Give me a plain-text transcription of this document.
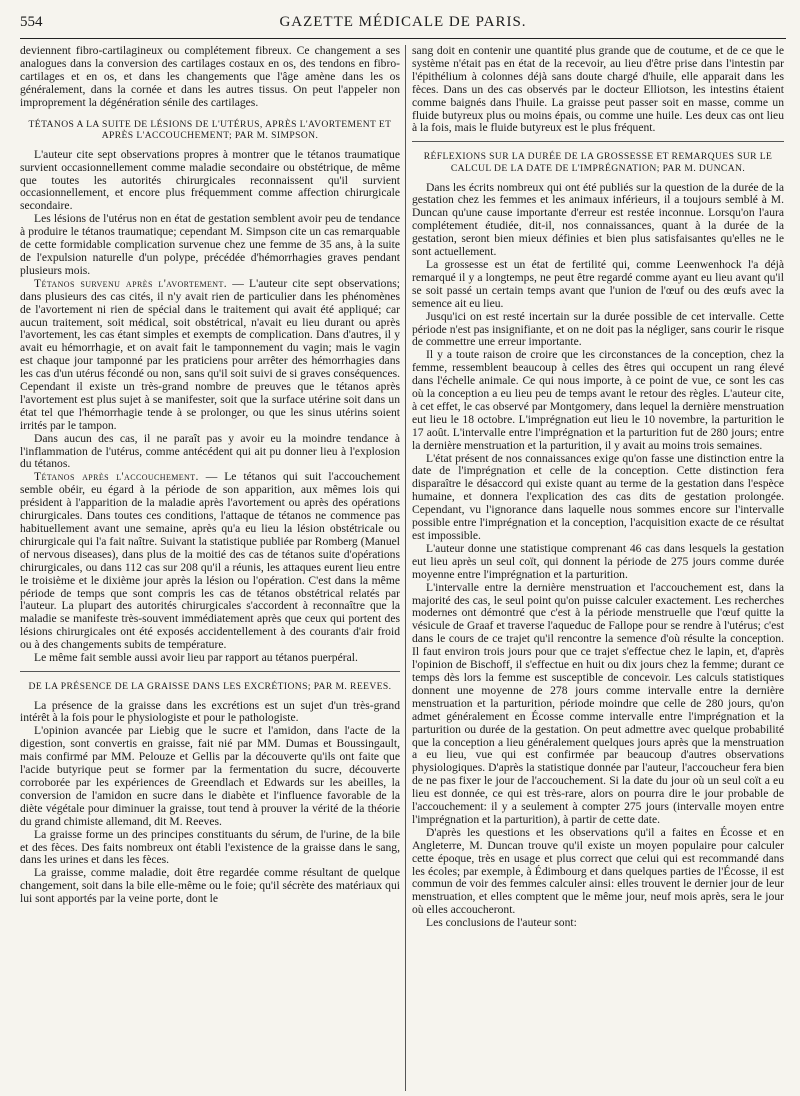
554	GAZETTE MÉDICALE DE PARIS.

deviennent fibro-cartilagineux ou complétement fibreux. Ce changement a ses analogues dans la conversion des cartilages costaux en os, des tendons en fibro-cartilages et en os, et dans les changements que l'âge amène dans les os généralement, dans la cornée et dans les autres tissus. On peut l'appeler non improprement la dégénération sénile des cartilages.

TÉTANOS A LA SUITE DE LÉSIONS DE L'UTÉRUS, APRÈS L'AVORTEMENT ET APRÈS L'ACCOUCHEMENT; PAR M. SIMPSON.

L'auteur cite sept observations propres à montrer que le tétanos traumatique survient occasionnellement comme maladie secondaire ou obstétrique, de même que toutes les autorités chirurgicales reconnaissent qu'il survient occasionnellement, et encore plus fréquemment comme affection chirurgicale secondaire.

Les lésions de l'utérus non en état de gestation semblent avoir peu de tendance à produire le tétanos traumatique; cependant M. Simpson cite un cas remarquable de cette formidable complication survenue chez une femme de 35 ans, à la suite de l'expulsion naturelle d'un polype, précédée d'hémorrhagies graves pendant plusieurs mois.

Tétanos survenu après l'avortement. — L'auteur cite sept observations; dans plusieurs des cas cités, il n'y avait rien de particulier dans les phénomènes de l'avortement ni rien de spécial dans le traitement qui avait été appliqué; car aucun traitement, soit médical, soit obstétrical, n'avait eu lieu durant ou après l'avortement, les cas étant simples et exempts de complication. Dans d'autres, il y avait eu hémorrhagie, et on avait fait le tamponnement du vagin; mais le vagin est chaque jour tamponné par les praticiens pour arrêter des hémorrhagies dans les cas d'un utérus fécondé ou non, sans qu'il soit suivi de si graves conséquences. Cependant il existe un très-grand nombre de preuves que le tétanos après l'avortement est plus sujet à se manifester, soit que la surface utérine soit dans un état tel que l'hémorrhagie tende à se prolonger, ou que les sinus utérins soient irrités par le tampon.

Dans aucun des cas, il ne paraît pas y avoir eu la moindre tendance à l'inflammation de l'utérus, comme antécédent qui ait pu donner lieu à l'explosion du tétanos.

Tétanos après l'accouchement. — Le tétanos qui suit l'accouchement semble obéir, eu égard à la période de son apparition, aux mêmes lois qui président à l'apparition de la maladie après l'avortement ou après des opérations chirurgicales. Dans toutes ces conditions, l'attaque de tétanos ne commence pas habituellement avant une semaine, après qu'a eu lieu la lésion obstétricale ou chirurgicale qui l'a fait naître. Suivant la statistique publiée par Romberg (Manuel of nervous diseases), dans plus de la moitié des cas de tétanos suite d'opérations chirurgicales, ou dans 112 cas sur 208 qu'il a réunis, les attaques eurent lieu entre le troisième et le dixième jour après la lésion ou l'opération. C'est dans la même période de temps que sont compris les cas de tétanos obstétrical relatés par l'auteur. La plupart des autorités chirurgicales s'accordent à reconnaître que la maladie se manifeste très-souvent immédiatement après que ceux qui portent des lésions chirurgicales ont été exposés accidentellement à des courants d'air froid ou à des changements subits de température.

Le même fait semble aussi avoir lieu par rapport au tétanos puerpéral.

DE LA PRÉSENCE DE LA GRAISSE DANS LES EXCRÉTIONS; PAR M. REEVES.

La présence de la graisse dans les excrétions est un sujet d'un très-grand intérêt à la fois pour le physiologiste et pour le pathologiste.

L'opinion avancée par Liebig que le sucre et l'amidon, dans l'acte de la digestion, sont convertis en graisse, fait nié par MM. Dumas et Boussingault, mais confirmé par MM. Pelouze et Gellis par la découverte qu'ils ont faite que l'acide butyrique peut se former par la fermentation du sucre, découverte corroborée par les expériences de Greendlach et Edwards sur les abeilles, la conversion de l'amidon en sucre dans le diabète et l'influence favorable de la diète végétale pour diminuer la graisse, tout tend à prouver la vérité de la théorie du grand chimiste allemand, dit M. Reeves.

La graisse forme un des principes constituants du sérum, de l'urine, de la bile et des fèces. Des faits nombreux ont établi l'existence de la graisse dans le sang, dans les urines et dans les fèces.

La graisse, comme maladie, doit être regardée comme résultant de quelque changement, soit dans la bile elle-même ou le foie; qu'il sécrète des matériaux qui lui sont apportés par la veine porte, dont le

sang doit en contenir une quantité plus grande que de coutume, et de ce que le système n'était pas en état de la recevoir, au lieu d'être prise dans l'intestin par l'épithélium à colonnes déjà sans doute chargé d'huile, elle apparait dans les fèces. Dans un des cas observés par le docteur Elliotson, les intestins étaient comme baignés dans l'huile. La graisse peut passer soit en masse, comme un fluide butyreux plus ou moins épais, ou comme une huile. Les deux cas ont lieu à la fois, mais le fluide butyreux est le plus fréquent.

RÉFLEXIONS SUR LA DURÉE DE LA GROSSESSE ET REMARQUES SUR LE CALCUL DE LA DATE DE L'IMPRÉGNATION; PAR M. DUNCAN.

Dans les écrits nombreux qui ont été publiés sur la question de la durée de la gestation chez les femmes et les animaux inférieurs, il a toujours semblé à M. Duncan qu'une cause importante d'erreur est restée inconnue. Lorsqu'on l'aura complétement étudiée, dit-il, nos connaissances, quant à la durée de la gestation, seront bien mieux définies et bien plus satisfaisantes qu'elles ne le sont actuellement.

La grossesse est un état de fertilité qui, comme Leenwenhock l'a déjà remarqué il y a longtemps, ne peut être regardé comme ayant eu lieu avant qu'il se soit passé un certain temps avant que l'union de l'œuf ou des œufs avec la semence ait eu lieu.

Jusqu'ici on est resté incertain sur la durée possible de cet intervalle. Cette période n'est pas insignifiante, et on ne doit pas la négliger, sans courir le risque de commettre une erreur importante.

Il y a toute raison de croire que les circonstances de la conception, chez la femme, ressemblent beaucoup à celles des êtres qui occupent un rang élevé dans l'échelle animale. Ce qui nous importe, à ce point de vue, ce sont les cas où la conception a eu lieu peu de temps avant le retour des règles. L'auteur cite, à cet effet, le cas observé par Montgomery, dans lequel la dernière menstruation eut lieu le 18 octobre. L'imprégnation eut lieu le 10 novembre, la parturition le 17 août. L'intervalle entre l'imprégnation et la parturition fut de 280 jours; entre la dernière menstruation et la parturition, il y avait au moins trois semaines.

L'état présent de nos connaissances exige qu'on fasse une distinction entre la date de l'imprégnation et celle de la conception. Cette distinction fera disparaître le désaccord qui existe quant au terme de la gestation dans l'espèce humaine, et donnera l'explication des cas dits de gestation prolongée. Cependant, vu l'ignorance dans laquelle nous sommes encore sur l'intervalle possible entre l'imprégnation et la conception, l'acquisition exacte de ce résultat est impossible.

L'auteur donne une statistique comprenant 46 cas dans lesquels la gestation eut lieu après un seul coït, qui donnent la période de 275 jours comme durée moyenne entre l'imprégnation et la parturition.

L'intervalle entre la dernière menstruation et l'accouchement est, dans la majorité des cas, le seul point qu'on puisse calculer exactement. Les recherches modernes ont démontré que c'est à la période menstruelle que l'œuf quitte la vésicule de Graaf et traverse l'aqueduc de Fallope pour se rendre à l'utérus; c'est dans le cours de ce trajet qu'il rencontre la semence d'où résulte la conception. Il faut environ trois jours pour que ce trajet s'effectue chez le lapin, et, d'après l'opinion de Bischoff, il s'effectue en huit ou dix jours chez la femme; durant ce temps dès lors la femme est susceptible de concevoir. Les calculs statistiques donnent une moyenne de 278 jours comme intervalle entre la dernière menstruation et la parturition, période moindre que celle de 280 jours, qu'on admet généralement en Écosse comme intervalle entre l'imprégnation et la parturition ou durée de la gestation. On peut admettre avec quelque probabilité que la conception a lieu généralement quelques jours après que la menstruation a eu lieu, vue qui est confirmée par beaucoup d'autres observations physiologiques. D'après la statistique donnée par l'auteur, l'accoucheur fera bien de ne pas fixer le jour de l'accouchement. Si la date du jour où un seul coït a eu lieu est donnée, ce qui est très-rare, alors on pourra dire le jour probable de l'accouchement: il y a seulement à compter 275 jours (intervalle moyen entre l'imprégnation et la parturition), à partir de cette date.

D'après les questions et les observations qu'il a faites en Écosse et en Angleterre, M. Duncan trouve qu'il existe un moyen populaire pour calculer cette époque, très en usage et plus correct que celui qui est recommandé dans les écoles; par exemple, à Édimbourg et dans quelques parties de l'Écosse, il est commun de voir des femmes calculer ainsi: elles trouvent le dernier jour de leur menstruation, et elles comptent que le même jour, neuf mois après, sera le jour où elles accoucheront.

Les conclusions de l'auteur sont:
